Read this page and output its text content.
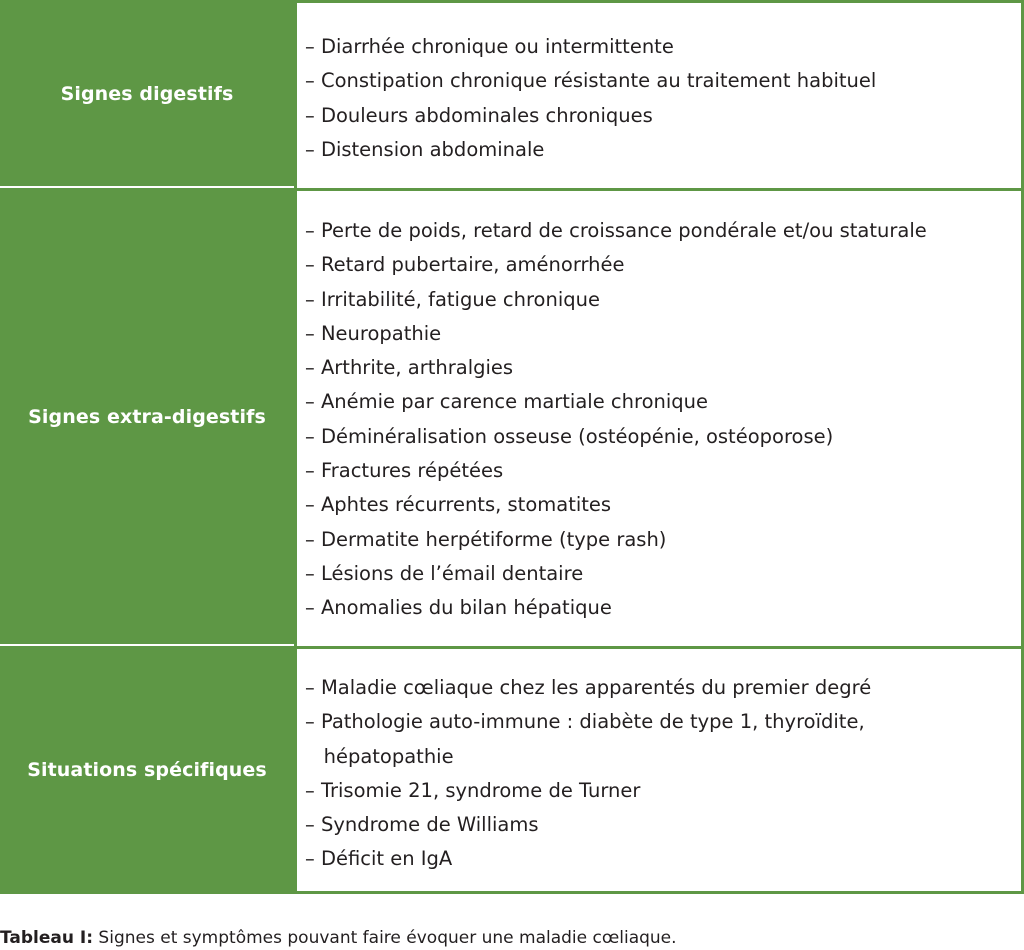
Signes digestifs
– Diarrhée chronique ou intermittente
– Constipation chronique résistante au traitement habituel
– Douleurs abdominales chroniques
– Distension abdominale
Signes extra-digestifs
– Perte de poids, retard de croissance pondérale et/ou staturale
– Retard pubertaire, aménorrhée
– Irritabilité, fatigue chronique
– Neuropathie
– Arthrite, arthralgies
– Anémie par carence martiale chronique
– Déminéralisation osseuse (ostéopénie, ostéoporose)
– Fractures répétées
– Aphtes récurrents, stomatites
– Dermatite herpétiforme (type rash)
– Lésions de l’émail dentaire
– Anomalies du bilan hépatique
Situations spécifiques
– Maladie cœliaque chez les apparentés du premier degré
– Pathologie auto-immune : diabète de type 1, thyroïdite,
hépatopathie
– Trisomie 21, syndrome de Turner
– Syndrome de Williams
– Déficit en IgA
Tableau I: Signes et symptômes pouvant faire évoquer une maladie cœliaque.
